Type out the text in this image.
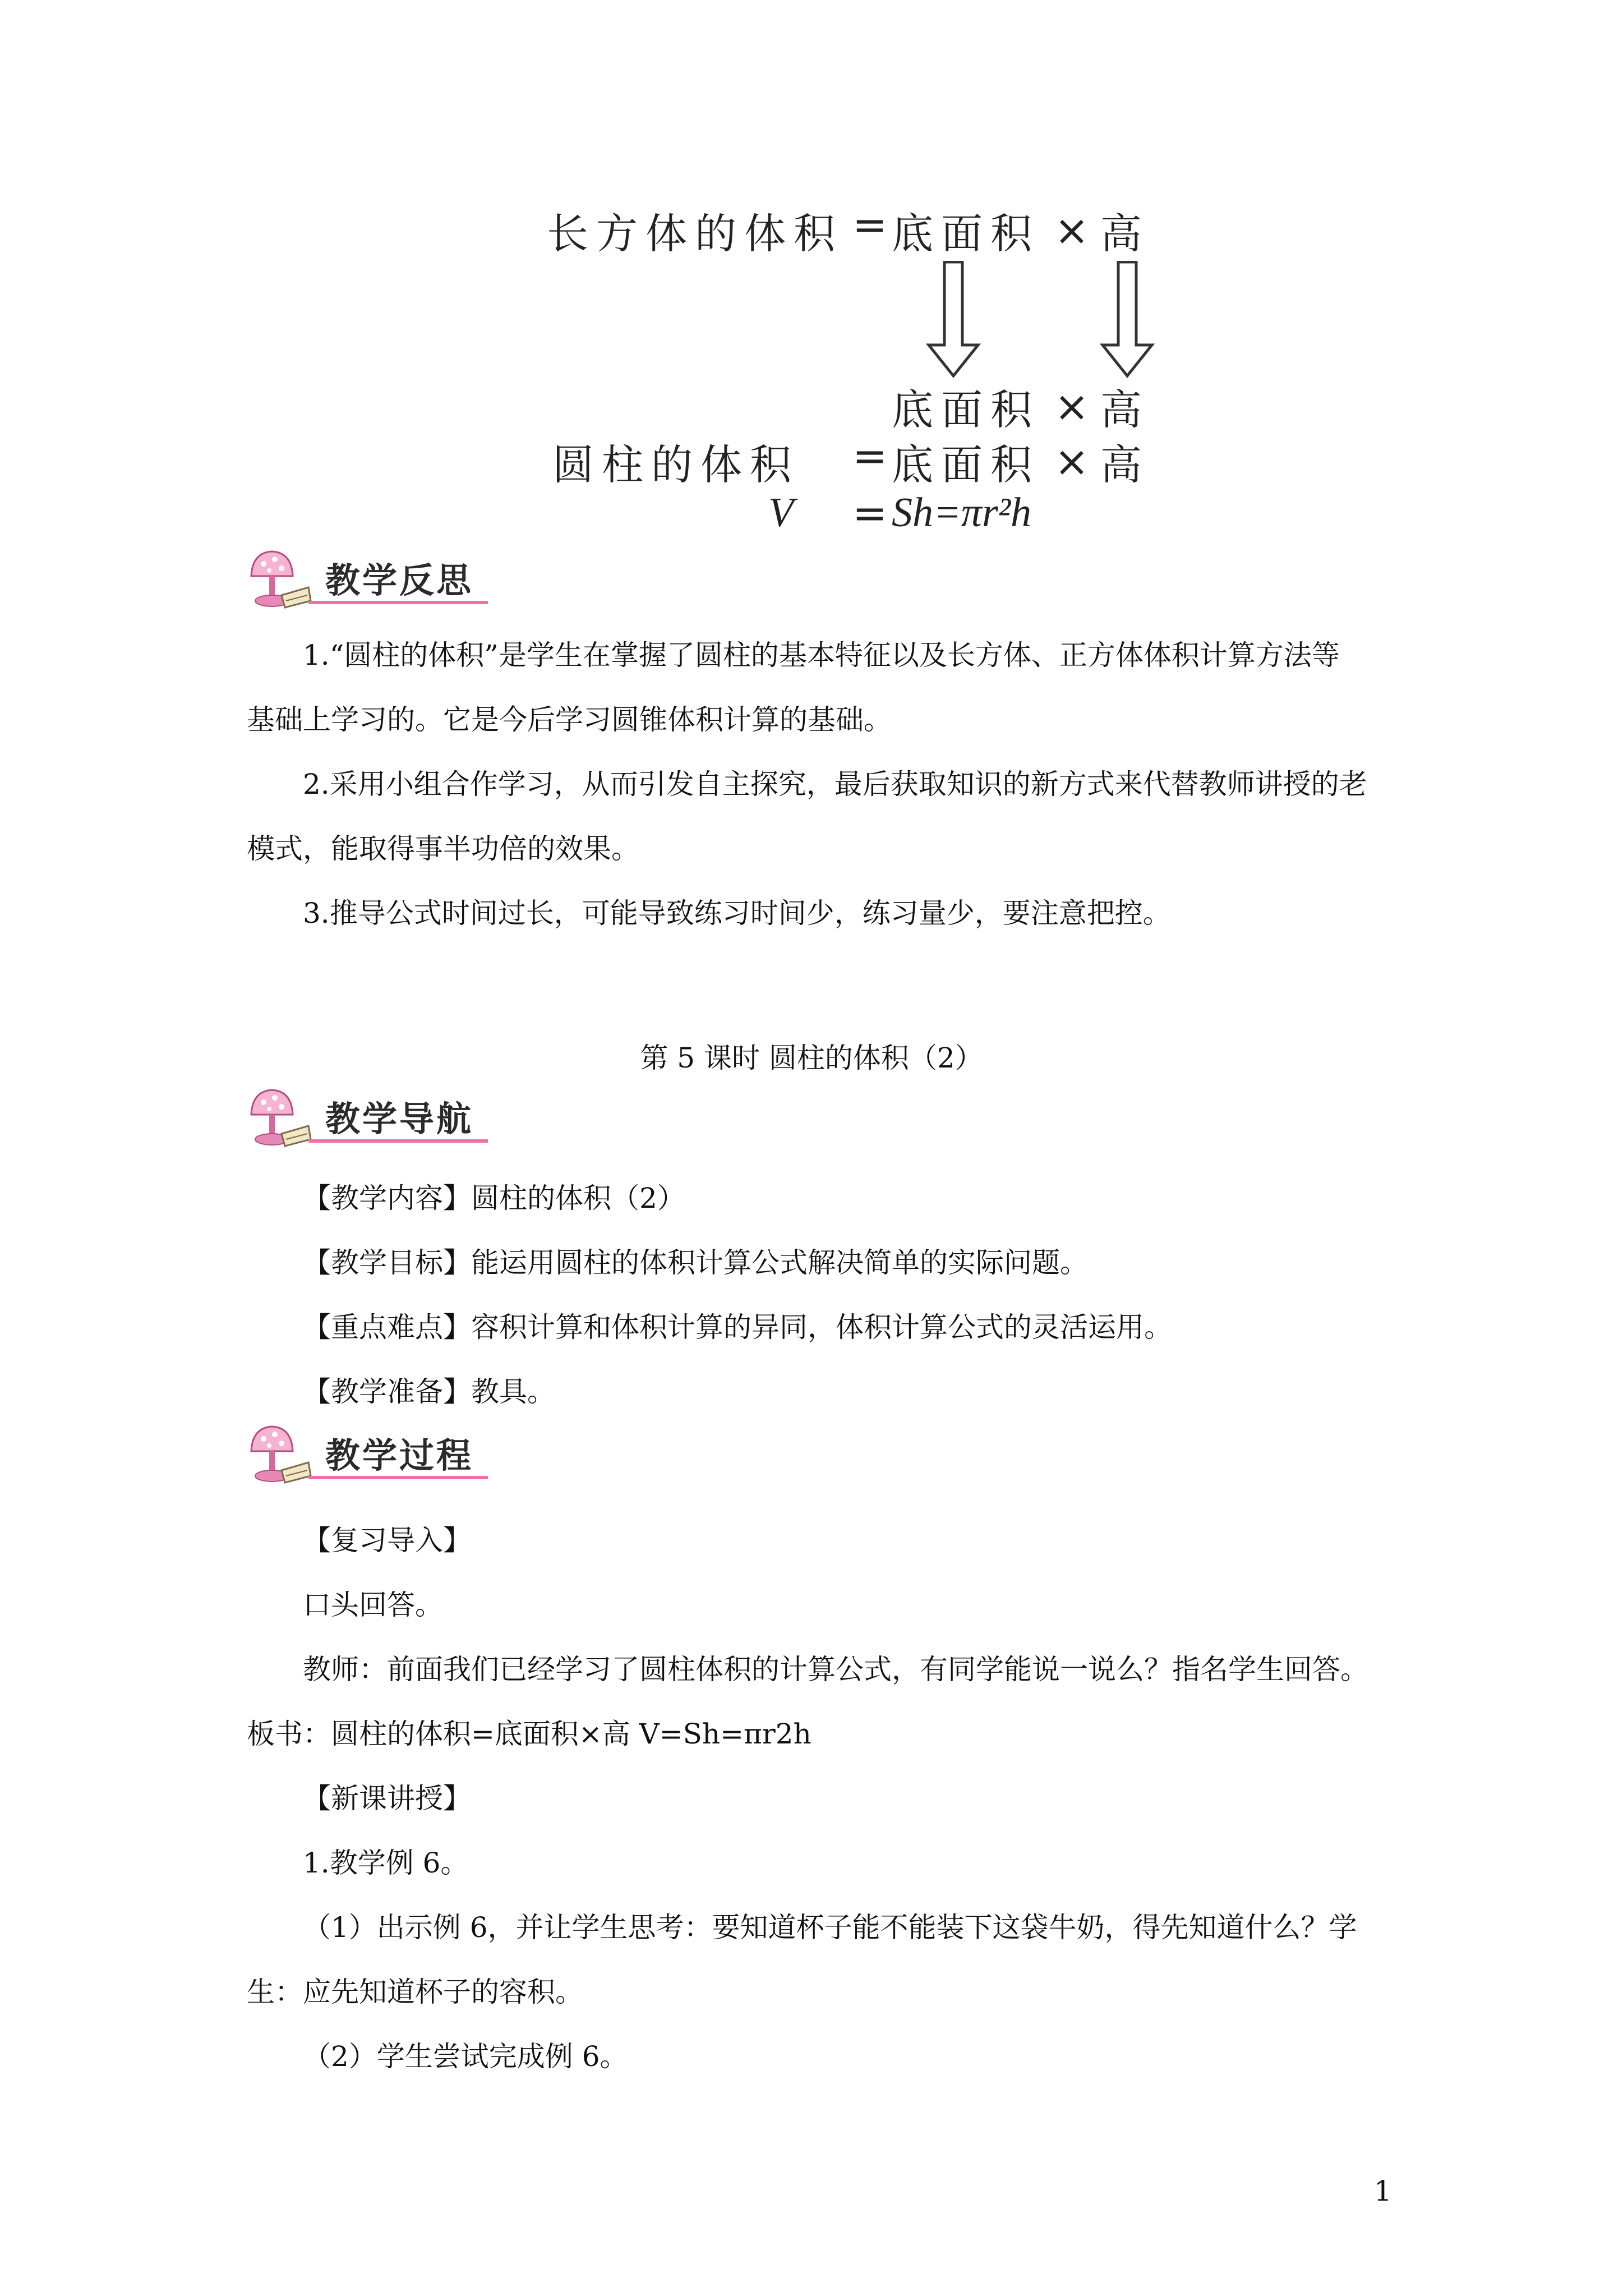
长方体的体积 =
底面积 × 高
底面积 × 高
圆柱的体积 =
底面积 × 高
V =
Sh=πr²h
教学反思
1.“圆柱的体积”是学生在掌握了圆柱的基本特征以及长方体、正方体体积计算方法等
基础上学习的。它是今后学习圆锥体积计算的基础。
2.采用小组合作学习，从而引发自主探究，最后获取知识的新方式来代替教师讲授的老
模式，能取得事半功倍的效果。
3.推导公式时间过长，可能导致练习时间少，练习量少，要注意把控。
第 5 课时 圆柱的体积（2）
教学导航
【教学内容】圆柱的体积（2）
【教学目标】能运用圆柱的体积计算公式解决简单的实际问题。
【重点难点】容积计算和体积计算的异同，体积计算公式的灵活运用。
【教学准备】教具。
教学过程
【复习导入】
口头回答。
教师：前面我们已经学习了圆柱体积的计算公式，有同学能说一说么？指名学生回答。
板书：圆柱的体积=底面积×高 V=Sh=πr2h
【新课讲授】
1.教学例 6。
（1）出示例 6，并让学生思考：要知道杯子能不能装下这袋牛奶，得先知道什么？学
生：应先知道杯子的容积。
（2）学生尝试完成例 6。
1
